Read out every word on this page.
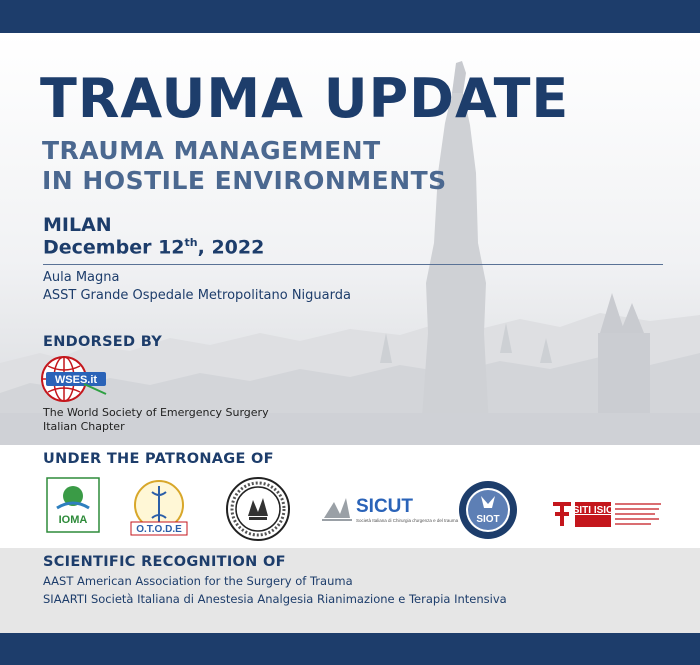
TRAUMA UPDATE
TRAUMA MANAGEMENT
IN HOSTILE ENVIRONMENTS
MILAN
December 12th, 2022
Aula Magna
ASST Grande Ospedale Metropolitano Niguarda
ENDORSED BY
WSES.it
The World Society of Emergency Surgery
Italian Chapter
UNDER THE PATRONAGE OF
IOMA
O.T.O.D.E
SICUT
Società Italiana di Chirurgia d'urgenza e del trauma SIOT
SITI ISIC
SCIENTIFIC RECOGNITION OF
AAST American Association for the Surgery of Trauma
SIAARTI Società Italiana di Anestesia Analgesia Rianimazione e Terapia Intensiva
